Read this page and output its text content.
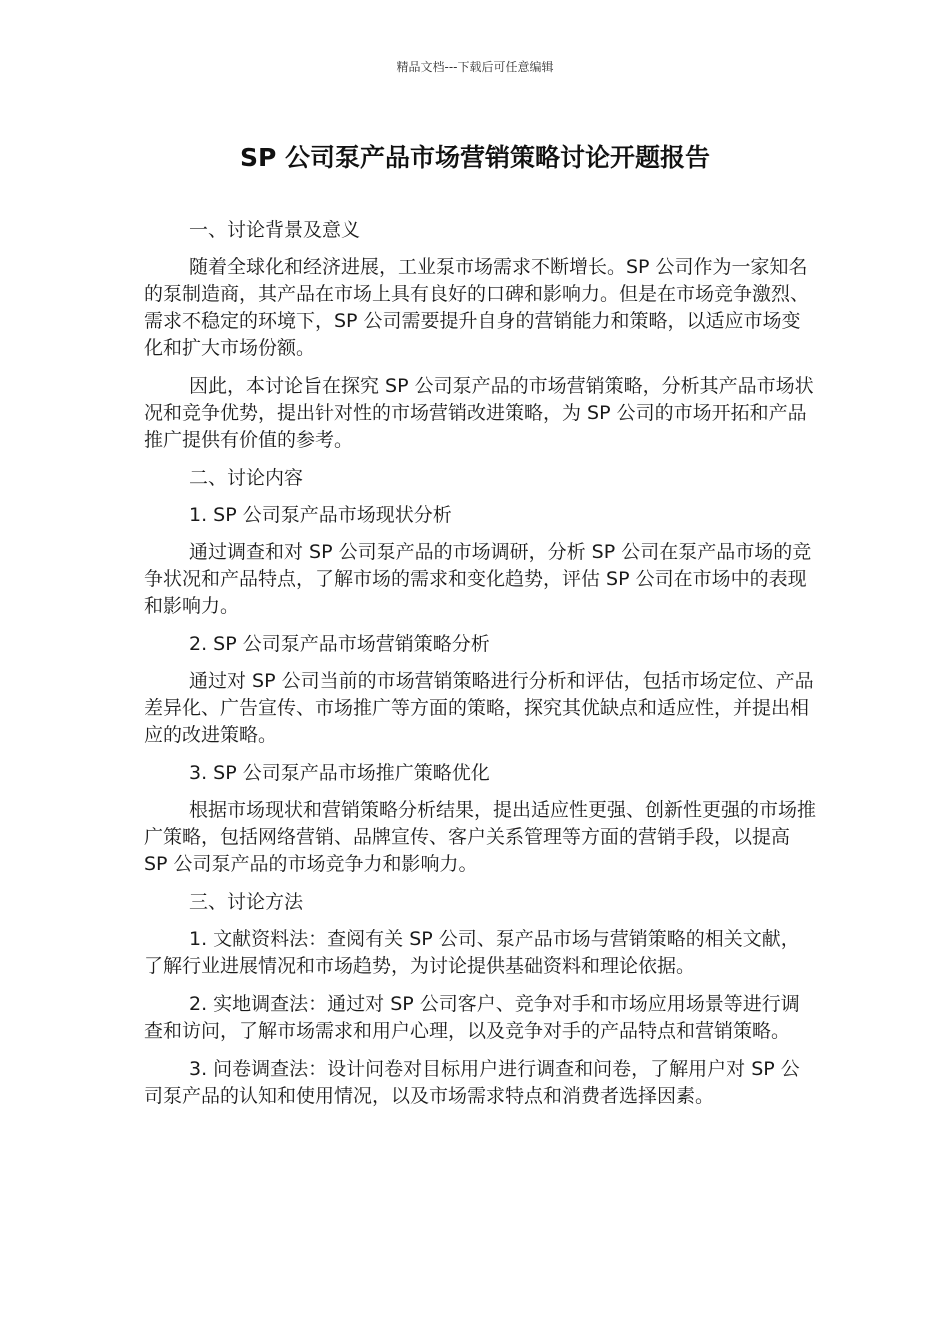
精品文档---下载后可任意编辑
SP 公司泵产品市场营销策略讨论开题报告

一、讨论背景及意义

随着全球化和经济进展，工业泵市场需求不断增长。SP 公司作为一家知名的泵制造商，其产品在市场上具有良好的口碑和影响力。但是在市场竞争激烈、需求不稳定的环境下，SP 公司需要提升自身的营销能力和策略，以适应市场变化和扩大市场份额。

因此，本讨论旨在探究 SP 公司泵产品的市场营销策略，分析其产品市场状况和竞争优势，提出针对性的市场营销改进策略，为 SP 公司的市场开拓和产品推广提供有价值的参考。

二、讨论内容

1. SP 公司泵产品市场现状分析

通过调查和对 SP 公司泵产品的市场调研，分析 SP 公司在泵产品市场的竞争状况和产品特点，了解市场的需求和变化趋势，评估 SP 公司在市场中的表现和影响力。

2. SP 公司泵产品市场营销策略分析

通过对 SP 公司当前的市场营销策略进行分析和评估，包括市场定位、产品差异化、广告宣传、市场推广等方面的策略，探究其优缺点和适应性，并提出相应的改进策略。

3. SP 公司泵产品市场推广策略优化

根据市场现状和营销策略分析结果，提出适应性更强、创新性更强的市场推广策略，包括网络营销、品牌宣传、客户关系管理等方面的营销手段，以提高 SP 公司泵产品的市场竞争力和影响力。

三、讨论方法

1. 文献资料法：查阅有关 SP 公司、泵产品市场与营销策略的相关文献，了解行业进展情况和市场趋势，为讨论提供基础资料和理论依据。

2. 实地调查法：通过对 SP 公司客户、竞争对手和市场应用场景等进行调查和访问，了解市场需求和用户心理，以及竞争对手的产品特点和营销策略。

3. 问卷调查法：设计问卷对目标用户进行调查和问卷，了解用户对 SP 公司泵产品的认知和使用情况，以及市场需求特点和消费者选择因素。
